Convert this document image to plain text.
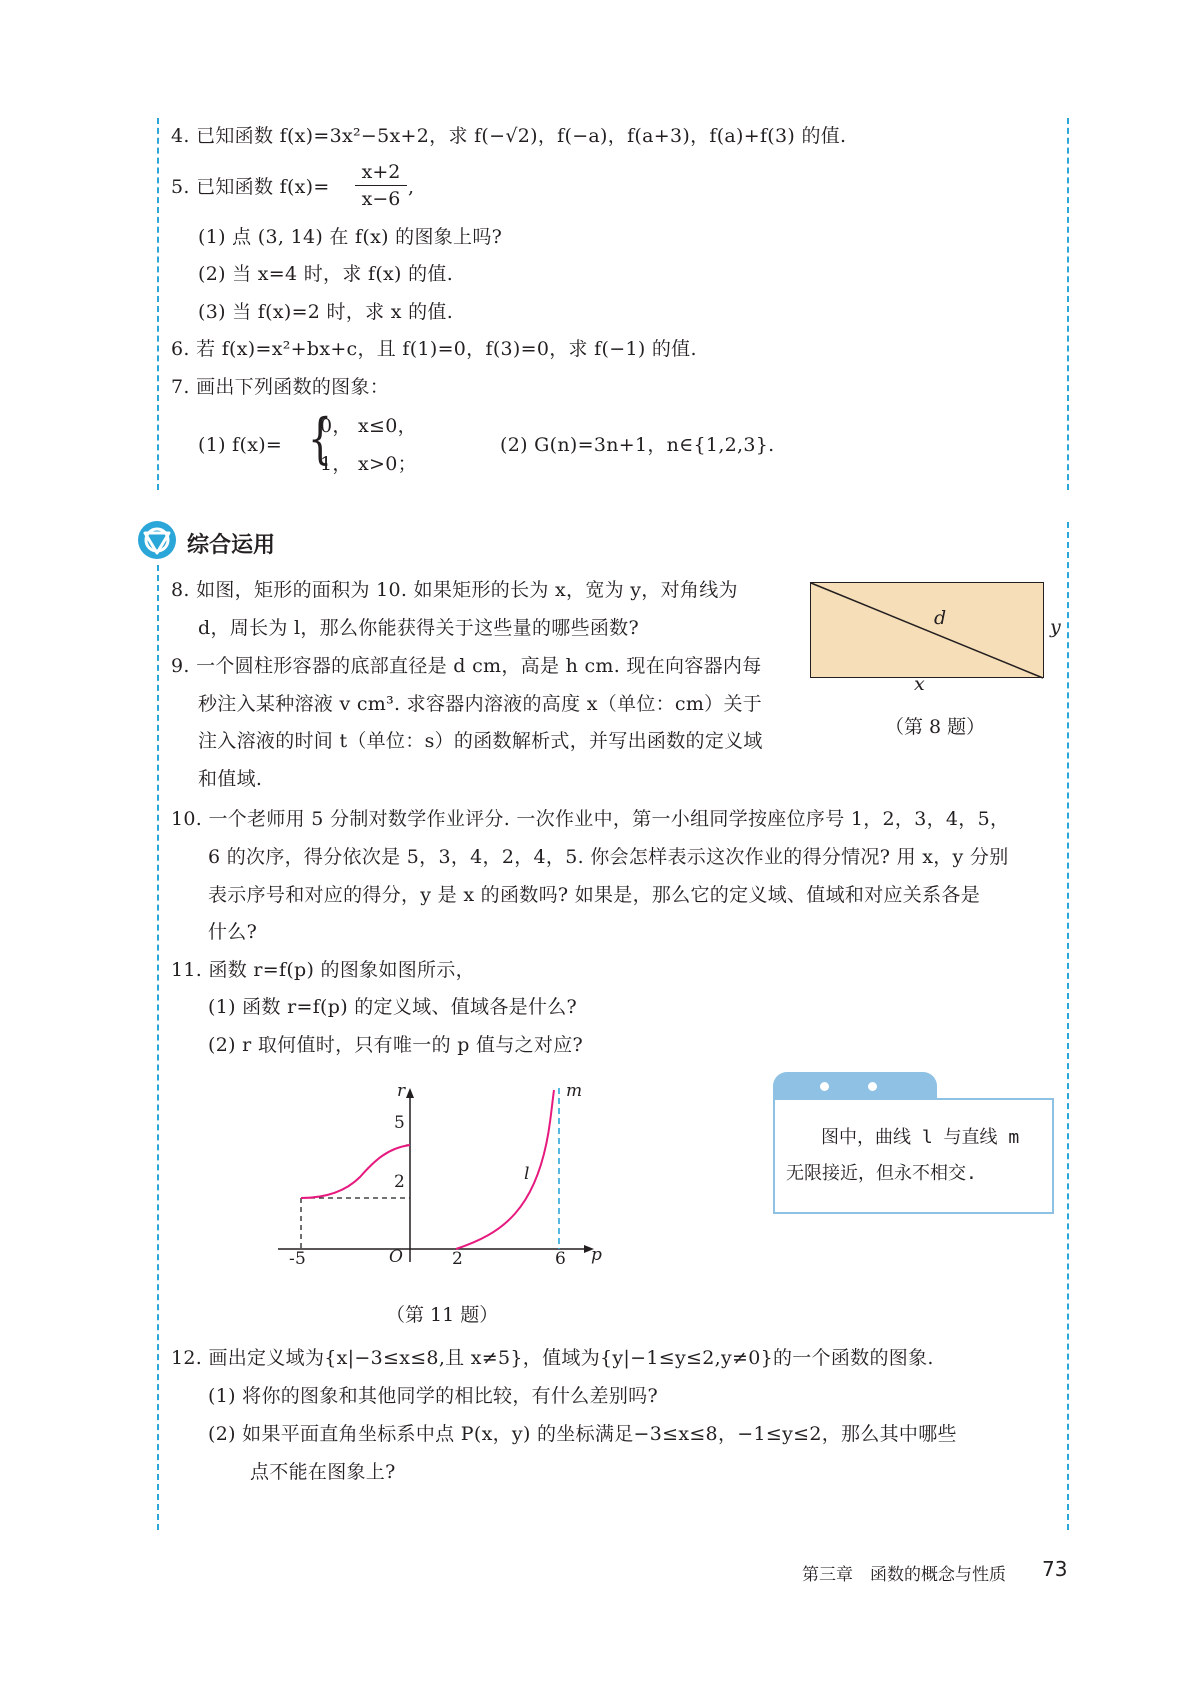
4. 已知函数 f(x)=3x²−5x+2，求 f(−√2)，f(−a)，f(a+3)，f(a)+f(3) 的值.
5. 已知函数 f(x)=
x+2
x−6
,
(1) 点 (3, 14) 在 f(x) 的图象上吗?
(2) 当 x=4 时，求 f(x) 的值.
(3) 当 f(x)=2 时，求 x 的值.
6. 若 f(x)=x²+bx+c，且 f(1)=0，f(3)=0，求 f(−1) 的值.
7. 画出下列函数的图象：
(1) f(x)= {
0， x≤0，
1， x>0；
(2) G(n)=3n+1，n∈{1,2,3}.
综合运用
8. 如图，矩形的面积为 10. 如果矩形的长为 x，宽为 y，对角线为
d，周长为 l，那么你能获得关于这些量的哪些函数?
9. 一个圆柱形容器的底部直径是 d cm，高是 h cm. 现在向容器内每
秒注入某种溶液 v cm³. 求容器内溶液的高度 x（单位：cm）关于
注入溶液的时间 t（单位：s）的函数解析式，并写出函数的定义域
和值域.
d
x
y
（第 8 题）
10. 一个老师用 5 分制对数学作业评分. 一次作业中，第一小组同学按座位序号 1，2，3，4，5，
6 的次序，得分依次是 5，3，4，2，4，5. 你会怎样表示这次作业的得分情况? 用 x，y 分别
表示序号和对应的得分，y 是 x 的函数吗? 如果是，那么它的定义域、值域和对应关系各是
什么?
11. 函数 r=f(p) 的图象如图所示，
(1) 函数 r=f(p) 的定义域、值域各是什么?
(2) r 取何值时，只有唯一的 p 值与之对应?
r
p
O
5
2
-5	2	6
l
m
（第 11 题）
图中，曲线 l 与直线 m
无限接近，但永不相交.
12. 画出定义域为{x|−3≤x≤8,且 x≠5}，值域为{y|−1≤y≤2,y≠0}的一个函数的图象.
(1) 将你的图象和其他同学的相比较，有什么差别吗?
(2) 如果平面直角坐标系中点 P(x，y) 的坐标满足−3≤x≤8，−1≤y≤2，那么其中哪些
点不能在图象上?
第三章　函数的概念与性质 73
